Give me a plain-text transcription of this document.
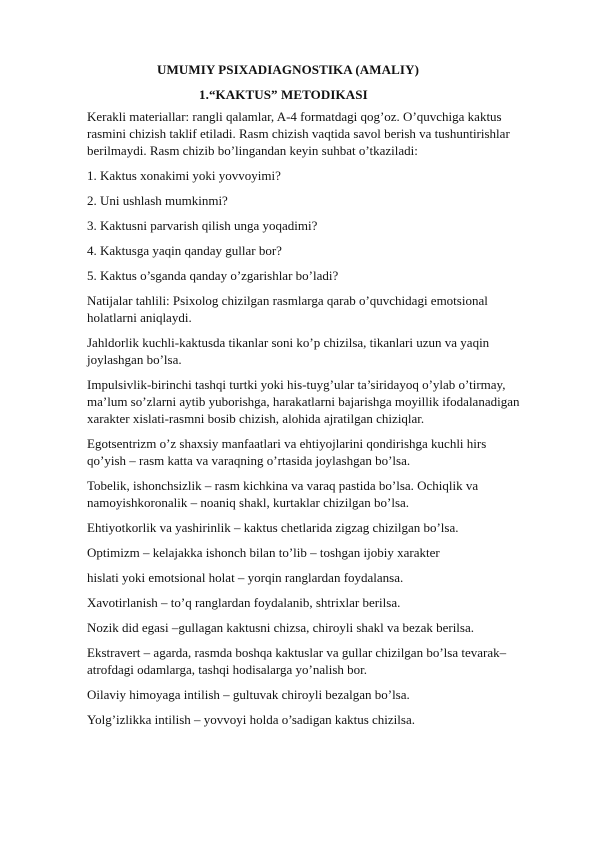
UMUMIY PSIXADIAGNOSTIKA (AMALIY)
1.“KAKTUS” METODIKASI
Kerakli materiallar: rangli qalamlar, A-4 formatdagi qog’oz. O’quvchiga kaktus
rasmini chizish taklif etiladi. Rasm chizish vaqtida savol berish va tushuntirishlar
berilmaydi. Rasm chizib bo’lingandan keyin suhbat o’tkaziladi:
1. Kaktus xonakimi yoki yovvoyimi?
2. Uni ushlash mumkinmi?
3. Kaktusni parvarish qilish unga yoqadimi?
4. Kaktusga yaqin qanday gullar bor?
5. Kaktus o’sganda qanday o’zgarishlar bo’ladi?
Natijalar tahlili: Psixolog chizilgan rasmlarga qarab o’quvchidagi emotsional
holatlarni aniqlaydi.
Jahldorlik kuchli-kaktusda tikanlar soni ko’p chizilsa, tikanlari uzun va yaqin
joylashgan bo’lsa.
Impulsivlik-birinchi tashqi turtki yoki his-tuyg’ular ta’siridayoq o’ylab o’tirmay,
ma’lum so’zlarni aytib yuborishga, harakatlarni bajarishga moyillik ifodalanadigan
xarakter xislati-rasmni bosib chizish, alohida ajratilgan chiziqlar.
Egotsentrizm o’z shaxsiy manfaatlari va ehtiyojlarini qondirishga kuchli hirs
qo’yish – rasm katta va varaqning o’rtasida joylashgan bo’lsa.
Tobelik, ishonchsizlik – rasm kichkina va varaq pastida bo’lsa. Ochiqlik va
namoyishkoronalik – noaniq shakl, kurtaklar chizilgan bo’lsa.
Ehtiyotkorlik va yashirinlik – kaktus chetlarida zigzag chizilgan bo’lsa.
Optimizm – kelajakka ishonch bilan to’lib – toshgan ijobiy xarakter
hislati yoki emotsional holat – yorqin ranglardan foydalansa.
Xavotirlanish – to’q ranglardan foydalanib, shtrixlar berilsa.
Nozik did egasi –gullagan kaktusni chizsa, chiroyli shakl va bezak berilsa.
Ekstravert – agarda, rasmda boshqa kaktuslar va gullar chizilgan bo’lsa tevarak–
atrofdagi odamlarga, tashqi hodisalarga yo’nalish bor.
Oilaviy himoyaga intilish – gultuvak chiroyli bezalgan bo’lsa.
Yolg’izlikka intilish – yovvoyi holda o’sadigan kaktus chizilsa.
